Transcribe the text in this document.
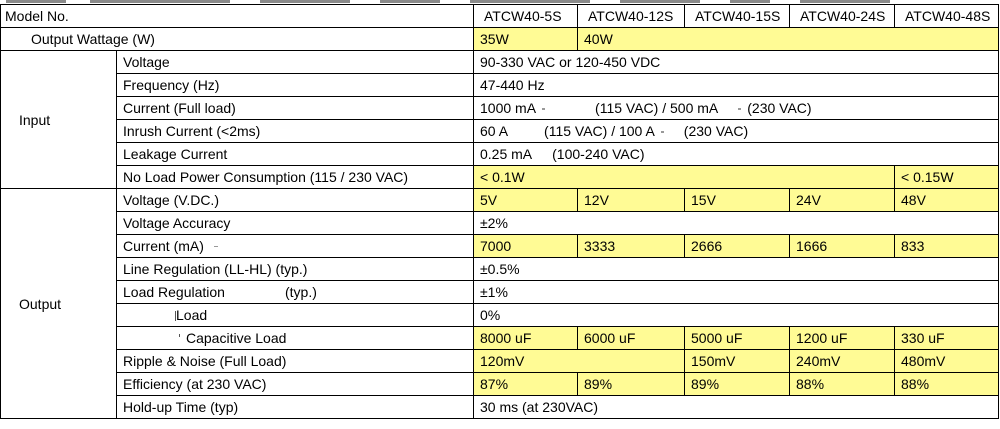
Model No.		ATCW40-5S	ATCW40-12S	ATCW40-15S	ATCW40-24S	ATCW40-48S
Output Wattage (W)		35W	40W			
Input	Voltage	90-330 VAC or 120-450 VDC				
	Frequency (Hz)	47-440 Hz				
	Current (Full load)	1000 mA (115 VAC) / 500 mA (230 VAC)				
	Inrush Current (<2ms)	60 A (115 VAC) / 100 A (230 VAC)				
	Leakage Current	0.25 mA (100-240 VAC)				
	No Load Power Consumption (115 / 230 VAC)	< 0.1W				< 0.15W
Output	Voltage (V.DC.)	5V	12V	15V	24V	48V
	Voltage Accuracy	±2%				
	Current (mA)	7000	3333	2666	1666	833
	Line Regulation (LL-HL) (typ.)	±0.5%				
	Load Regulation (typ.)	±1%				
	Load	0%				
	Capacitive Load	8000 uF	6000 uF	5000 uF	1200 uF	330 uF
	Ripple & Noise (Full Load)	120mV		150mV	240mV	480mV
	Efficiency (at 230 VAC)	87%	89%	89%	88%	88%
	Hold-up Time (typ)	30 ms (at 230VAC)				
